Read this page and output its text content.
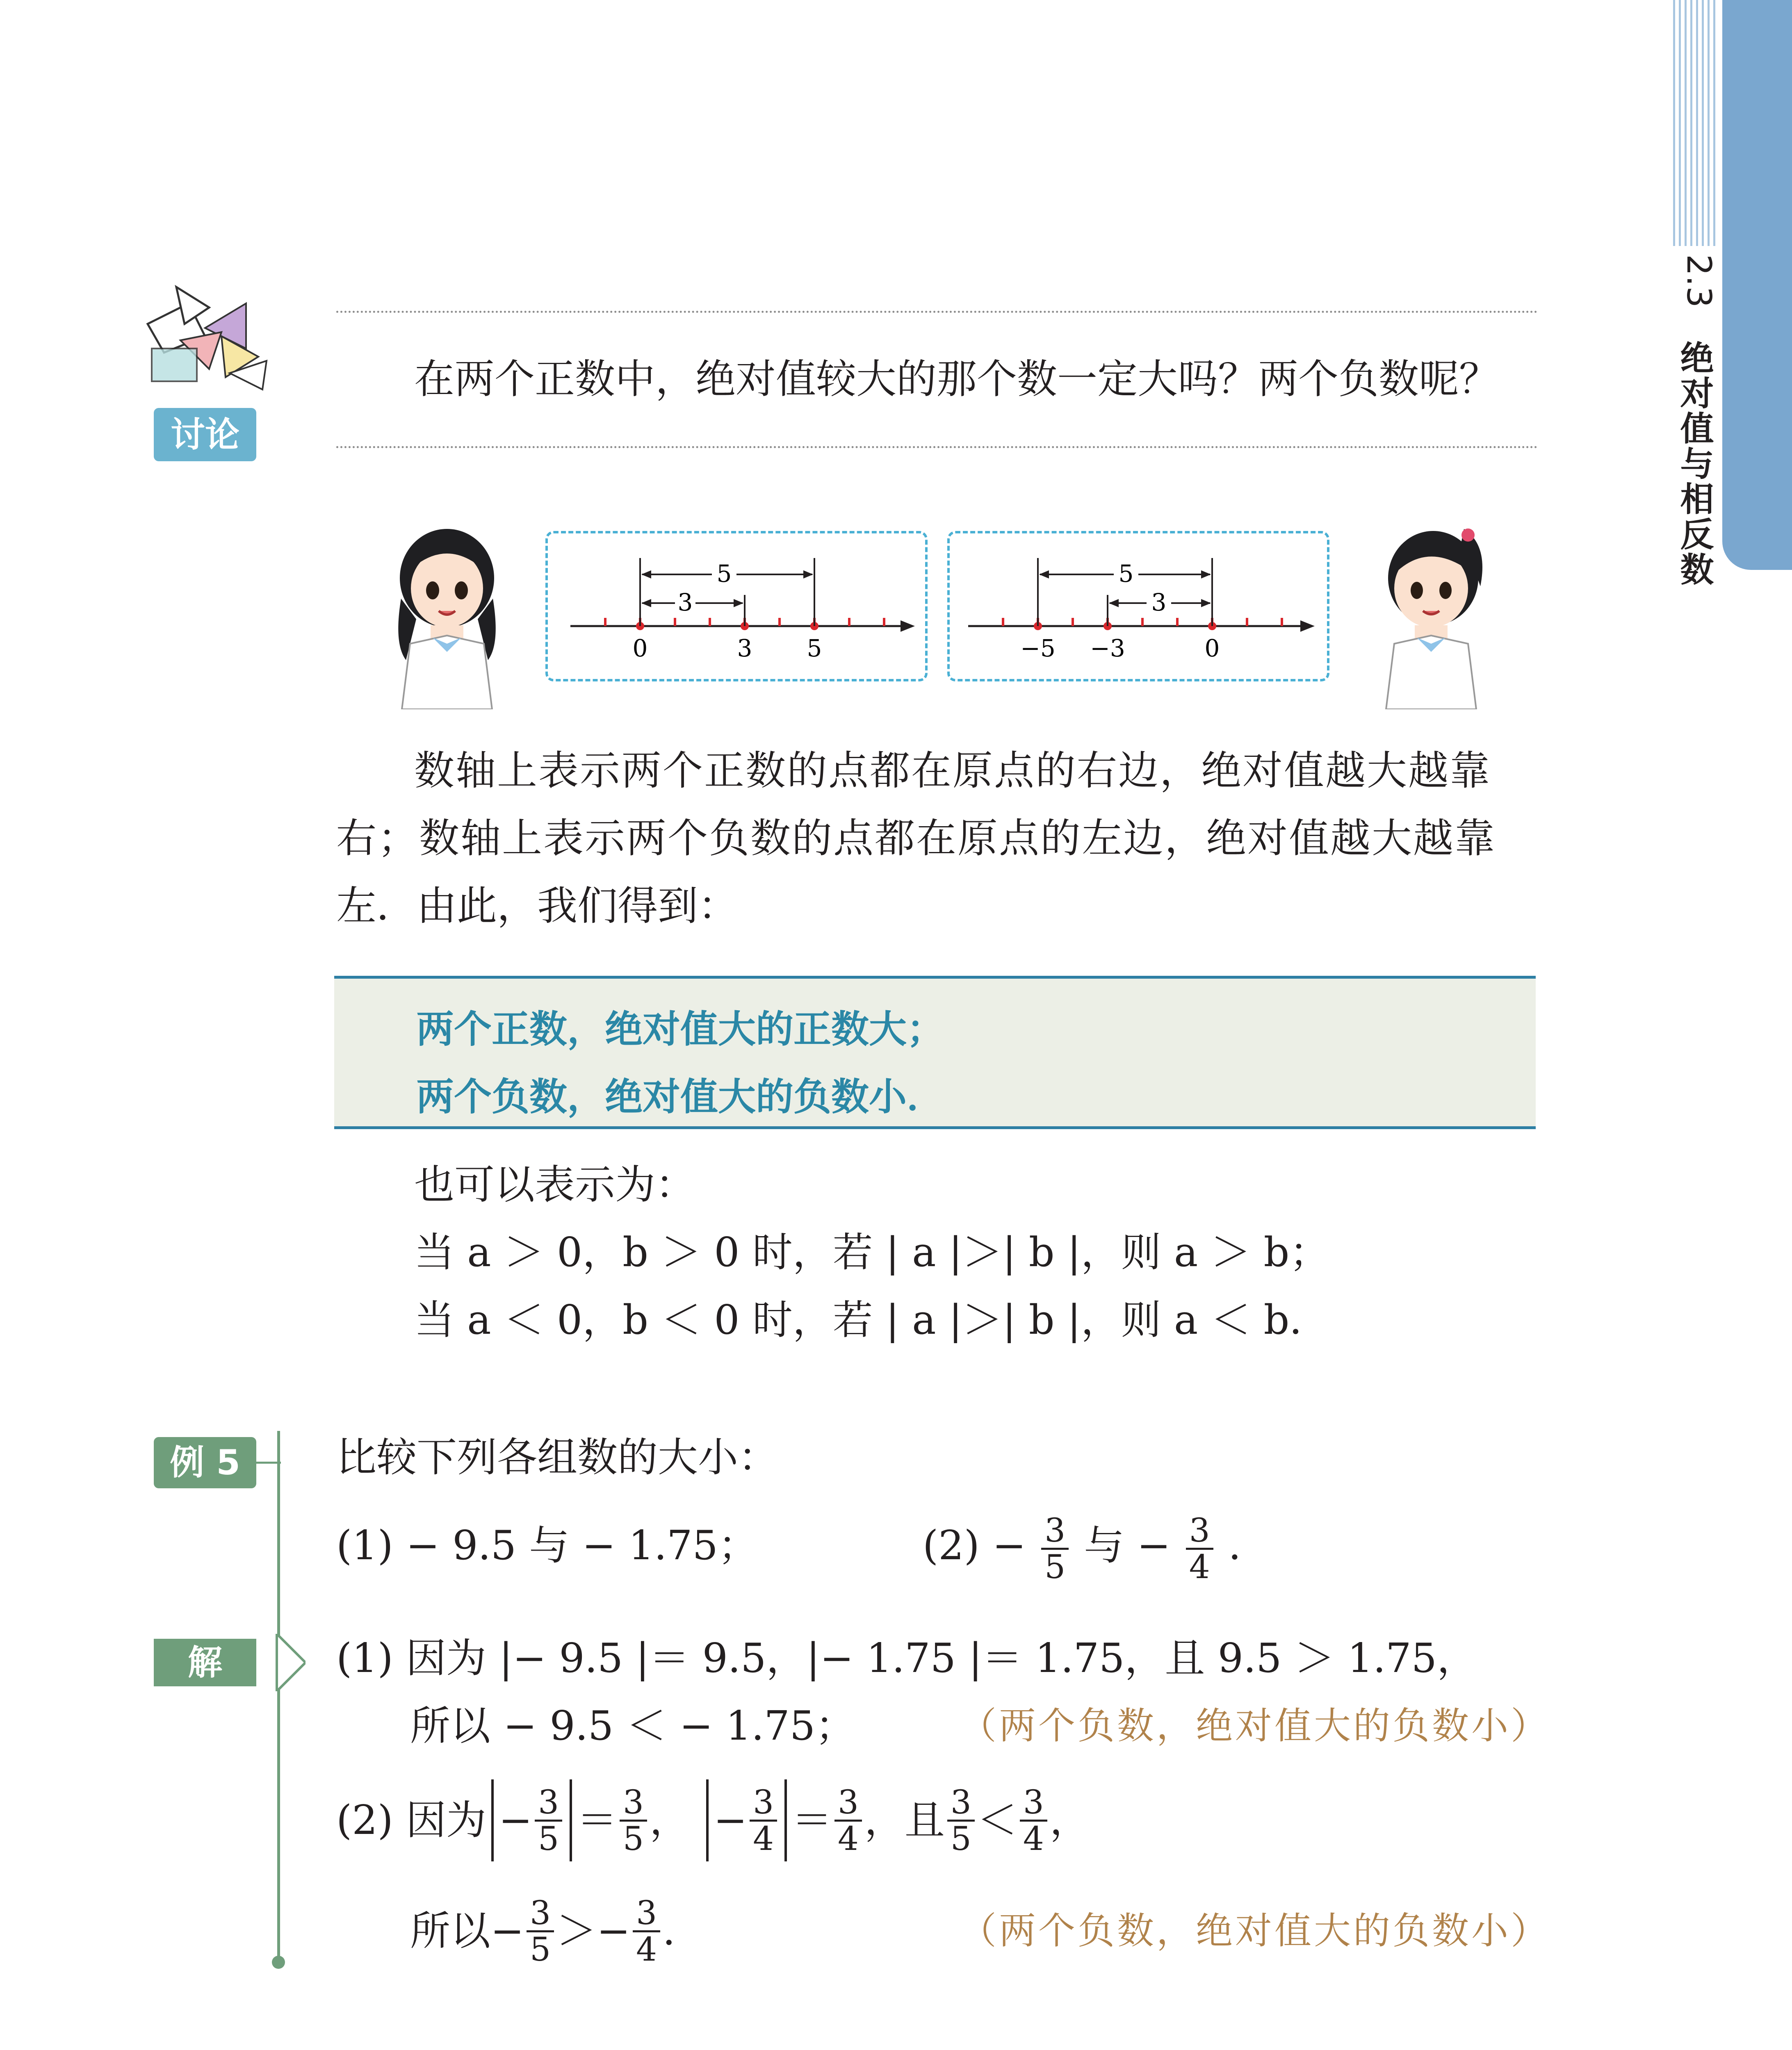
2.3
绝对值与相反数
讨论
在两个正数中，绝对值较大的那个数一定大吗？两个负数呢？
5
3
0	3 5
5
3
−5 −3	0
数轴上表示两个正数的点都在原点的右边，绝对值越大越靠
右；数轴上表示两个负数的点都在原点的左边，绝对值越大越靠
左．由此，我们得到：
两个正数，绝对值大的正数大；
两个负数，绝对值大的负数小．
也可以表示为：
当 a ＞ 0，b ＞ 0 时，若 | a |＞| b |，则 a ＞ b；
当 a ＜ 0，b ＜ 0 时，若 | a |＞| b |，则 a ＜ b．
例 5	比较下列各组数的大小：
(1) − 9.5 与 − 1.75；	$(2) - \frac{3}{5}$ 与 − $\frac{3}{4}$ ．
解	(1) 因为 |− 9.5 |＝ 9.5，|− 1.75 |＝ 1.75，且 9.5 ＞ 1.75，
所以 − 9.5 ＜ − 1.75；	（两个负数，绝对值大的负数小）
(2) 因为 − $\frac{3}{5} = \frac{3}{5}$ ， − $\frac{3}{4} = \frac{3}{4}$ ，且 $\frac{3}{5} < \frac{3}{4}$ ，
所以− $\frac{3}{5}$ ＞ − $\frac{3}{4}$ ．	（两个负数，绝对值大的负数小）
